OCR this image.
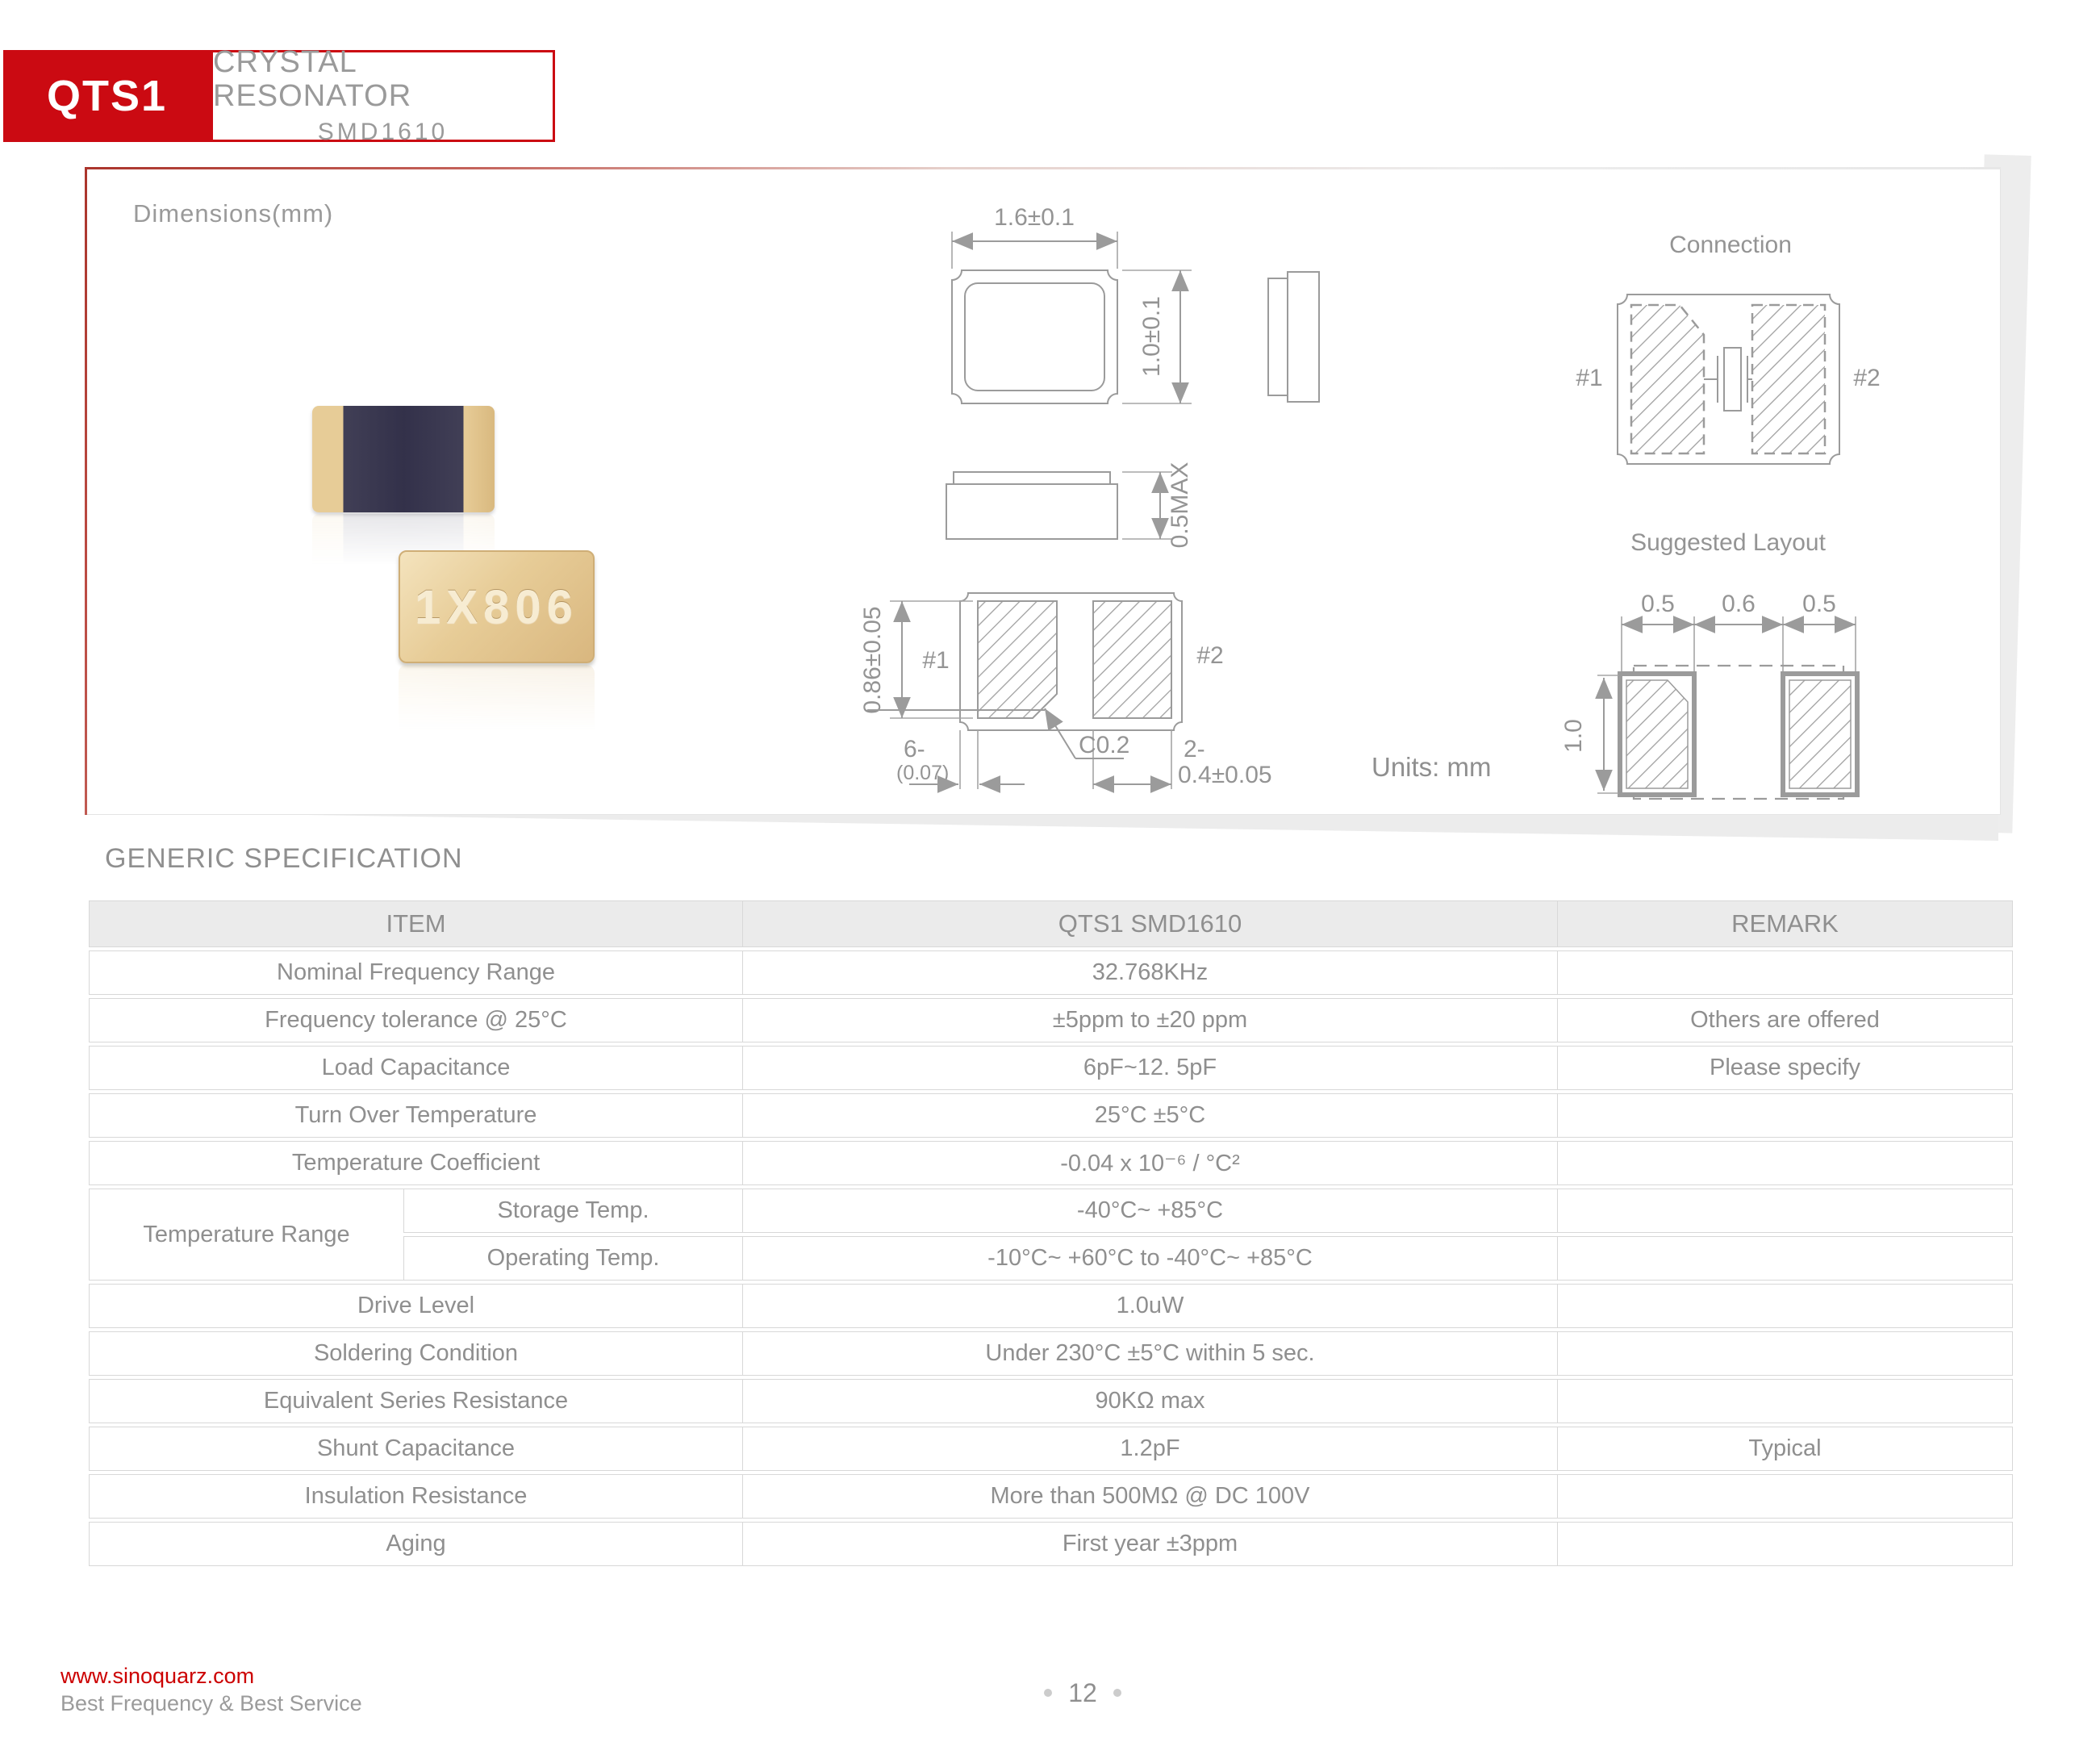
QTS1
CRYSTAL RESONATOR
SMD1610
Dimensions(mm)
1X806
1.6±0.1
1.0±0.1
0.5MAX
0.86±0.05 #1	#2
6-
(0.07)
C0.2 2-
0.4±0.05	Units: mm
Connection
#1	#2
Suggested Layout
0.5 0.6 0.5
1.0
GENERIC SPECIFICATION
ITEM		QTS1 SMD1610	REMARK
Nominal Frequency Range		32.768KHz	
Frequency tolerance @ 25°C		±5ppm to ±20 ppm	Others are offered
Load Capacitance		6pF~12. 5pF	Please specify
Turn Over Temperature		25°C ±5°C	
Temperature Coefficient		-0.04 x 10⁻⁶ / °C²	
Temperature Range	Storage Temp.	-40°C~ +85°C	
	Operating Temp.	-10°C~ +60°C to -40°C~ +85°C	
Drive Level		1.0uW	
Soldering Condition		Under 230°C ±5°C within 5 sec.	
Equivalent Series Resistance		90KΩ max	
Shunt Capacitance		1.2pF	Typical
Insulation Resistance		More than 500MΩ @ DC 100V	
Aging		First year ±3ppm	
www.sinoquarz.com
Best Frequency & Best Service	12
